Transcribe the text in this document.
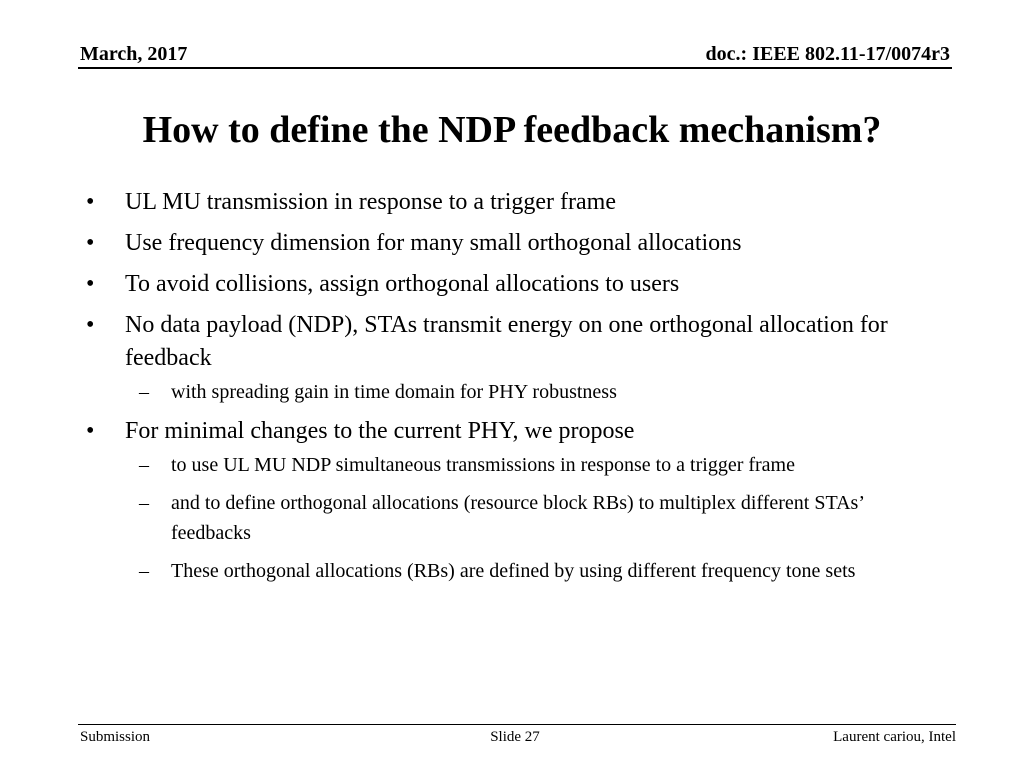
March, 2017	doc.: IEEE 802.11-17/0074r3
How to define the NDP feedback mechanism?
•	UL MU transmission in response to a trigger frame
•	Use frequency dimension for many small orthogonal allocations
•	To avoid collisions, assign orthogonal allocations to users
•	No data payload (NDP), STAs transmit energy on one orthogonal allocation for feedback
– with spreading gain in time domain for PHY robustness
•	For minimal changes to the current PHY, we propose
– to use UL MU NDP simultaneous transmissions in response to a trigger frame
– and to define orthogonal allocations (resource block RBs) to multiplex different STAs’ feedbacks
– These orthogonal allocations (RBs) are defined by using different frequency tone sets
Submission	Slide 27	Laurent cariou, Intel
